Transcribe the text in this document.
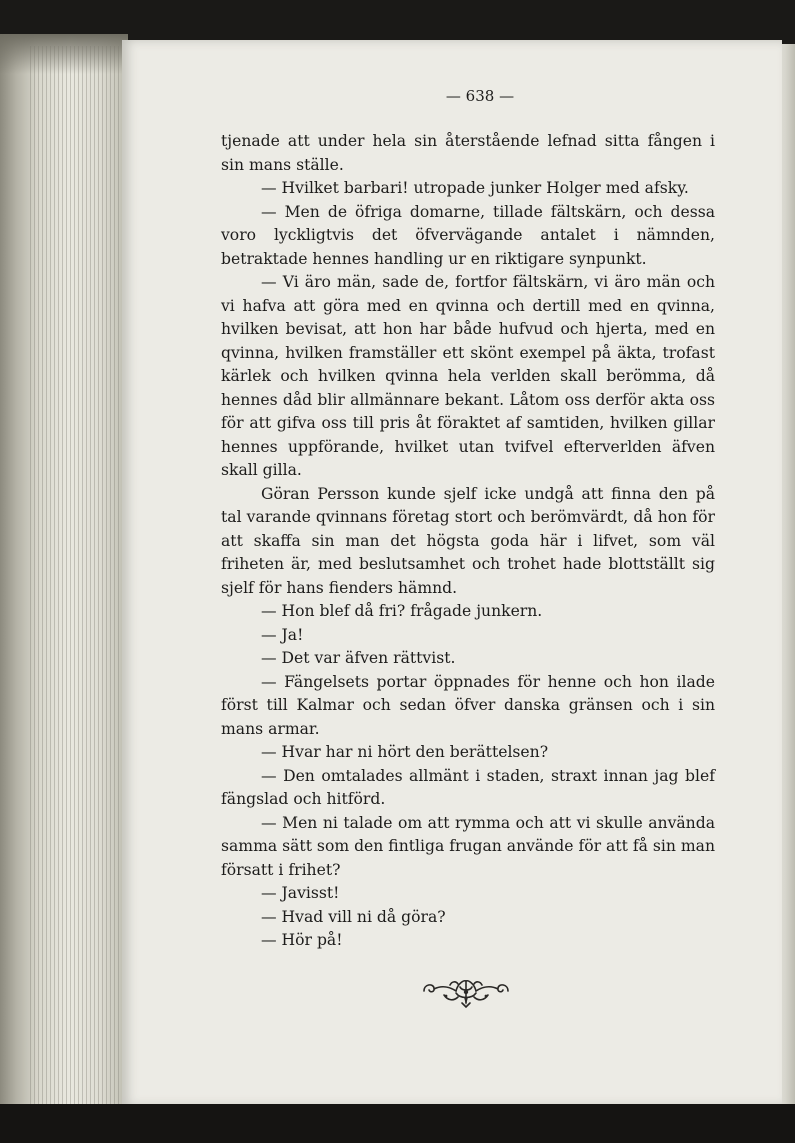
— 638 —

tjenade att under hela sin återstående lefnad sitta fången i sin mans ställe.

— Hvilket barbari! utropade junker Holger med afsky.

— Men de öfriga domarne, tillade fältskärn, och dessa voro lyckligtvis det öfvervägande antalet i nämnden, betraktade hennes handling ur en riktigare synpunkt.

— Vi äro män, sade de, fortfor fältskärn, vi äro män och vi hafva att göra med en qvinna och dertill med en qvinna, hvilken bevisat, att hon har både hufvud och hjerta, med en qvinna, hvilken framställer ett skönt exempel på äkta, trofast kärlek och hvilken qvinna hela verlden skall berömma, då hennes dåd blir allmännare bekant. Låtom oss derför akta oss för att gifva oss till pris åt föraktet af samtiden, hvilken gillar hennes uppförande, hvilket utan tvifvel efterverlden äfven skall gilla.

Göran Persson kunde sjelf icke undgå att finna den på tal varande qvinnans företag stort och berömvärdt, då hon för att skaffa sin man det högsta goda här i lifvet, som väl friheten är, med beslutsamhet och trohet hade blottställt sig sjelf för hans fienders hämnd.

— Hon blef då fri? frågade junkern.

— Ja!

— Det var äfven rättvist.

— Fängelsets portar öppnades för henne och hon ilade först till Kalmar och sedan öfver danska gränsen och i sin mans armar.

— Hvar har ni hört den berättelsen?

— Den omtalades allmänt i staden, straxt innan jag blef fängslad och hitförd.

— Men ni talade om att rymma och att vi skulle använda samma sätt som den fintliga frugan använde för att få sin man försatt i frihet?

— Javisst!

— Hvad vill ni då göra?

— Hör på!
